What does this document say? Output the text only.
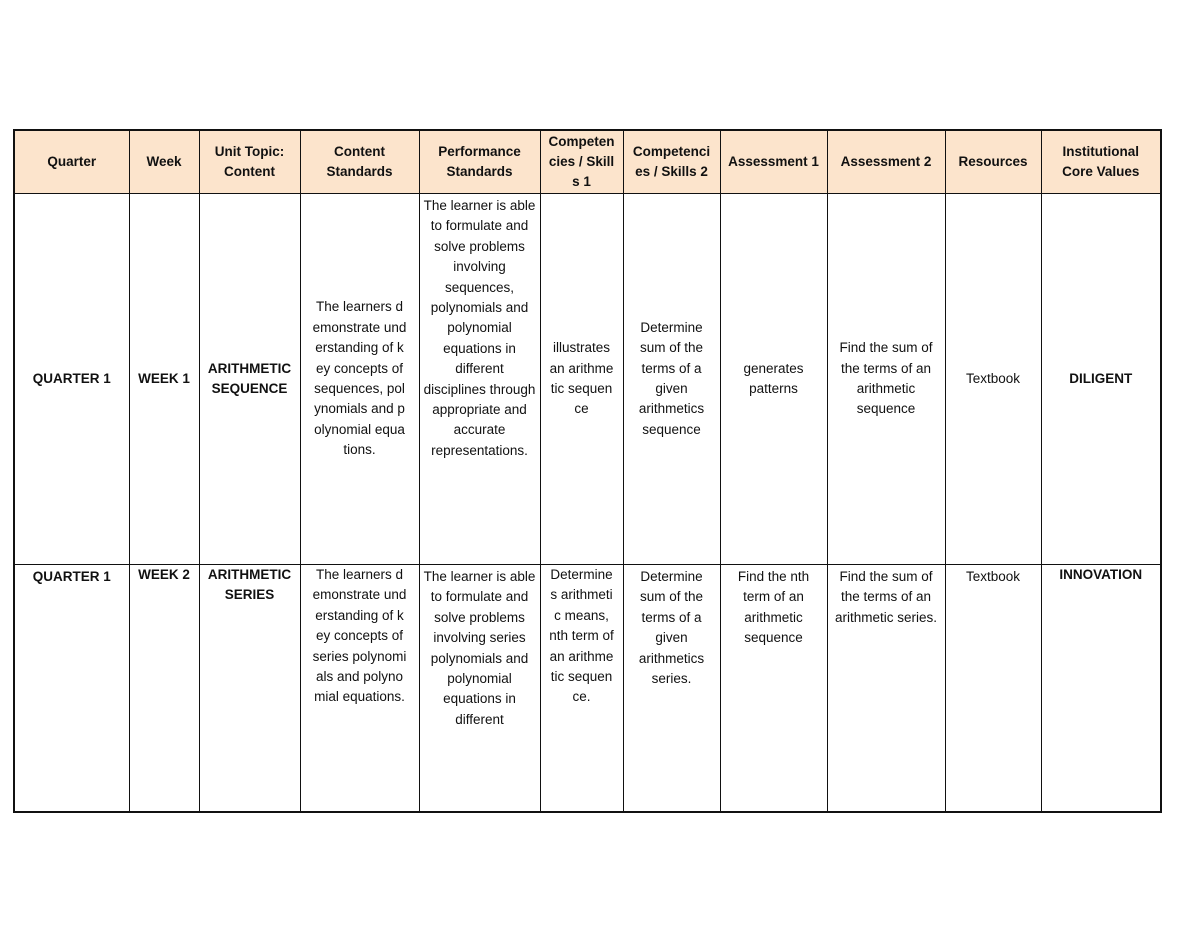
Quarter	Week	Unit Topic: Content	Content Standards	Performance Standards	Competencies / Skills 1	Competencies / Skills 2	Assessment 1	Assessment 2	Resources	Institutional Core Values
QUARTER 1	WEEK 1	ARITHMETIC SEQUENCE	The learners demonstrate understanding of key concepts of sequences, polynomials and polynomial equations.	The learner is able to formulate and solve problems involving sequences, polynomials and polynomial equations in different disciplines through appropriate and accurate representations.	illustrates an arithmetic sequence	Determine sum of the terms of a given arithmetics sequence	generates patterns	Find the sum of the terms of an arithmetic sequence	Textbook	DILIGENT
QUARTER 1	WEEK 2	ARITHMETIC SERIES	The learners demonstrate understanding of key concepts of series polynomials and polynomial equations.	The learner is able to formulate and solve problems involving series polynomials and polynomial equations in different	Determines arithmetic means, nth term of an arithmetic sequence.	Determine sum of the terms of a given arithmetics series.	Find the nth term of an arithmetic sequence	Find the sum of the terms of an arithmetic series.	Textbook	INNOVATION
